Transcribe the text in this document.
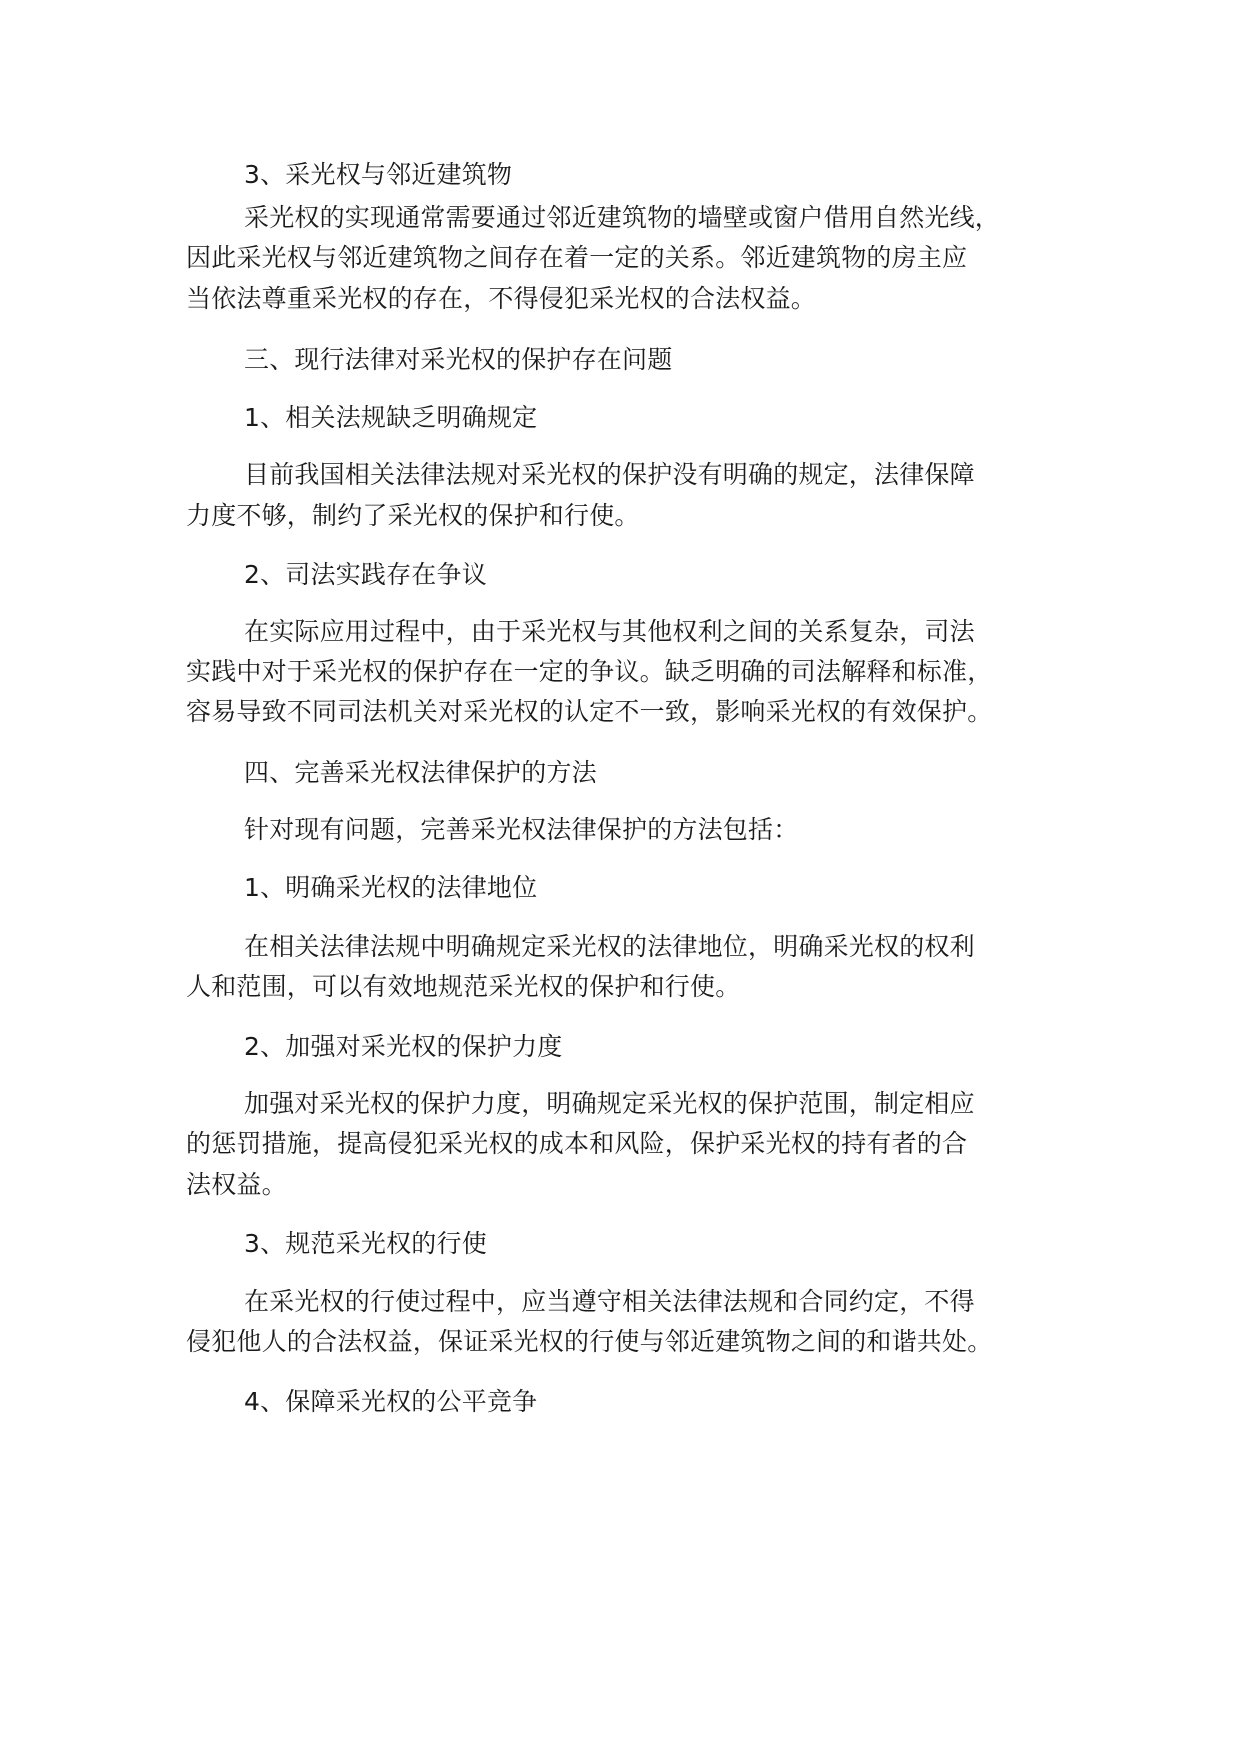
3、采光权与邻近建筑物

采光权的实现通常需要通过邻近建筑物的墙壁或窗户借用自然光线，

因此采光权与邻近建筑物之间存在着一定的关系。邻近建筑物的房主应

当依法尊重采光权的存在，不得侵犯采光权的合法权益。

三、现行法律对采光权的保护存在问题

1、相关法规缺乏明确规定

目前我国相关法律法规对采光权的保护没有明确的规定，法律保障

力度不够，制约了采光权的保护和行使。

2、司法实践存在争议

在实际应用过程中，由于采光权与其他权利之间的关系复杂，司法

实践中对于采光权的保护存在一定的争议。缺乏明确的司法解释和标准，

容易导致不同司法机关对采光权的认定不一致，影响采光权的有效保护。

四、完善采光权法律保护的方法

针对现有问题，完善采光权法律保护的方法包括：

1、明确采光权的法律地位

在相关法律法规中明确规定采光权的法律地位，明确采光权的权利

人和范围，可以有效地规范采光权的保护和行使。

2、加强对采光权的保护力度

加强对采光权的保护力度，明确规定采光权的保护范围，制定相应

的惩罚措施，提高侵犯采光权的成本和风险，保护采光权的持有者的合

法权益。

3、规范采光权的行使

在采光权的行使过程中，应当遵守相关法律法规和合同约定，不得

侵犯他人的合法权益，保证采光权的行使与邻近建筑物之间的和谐共处。

4、保障采光权的公平竞争
